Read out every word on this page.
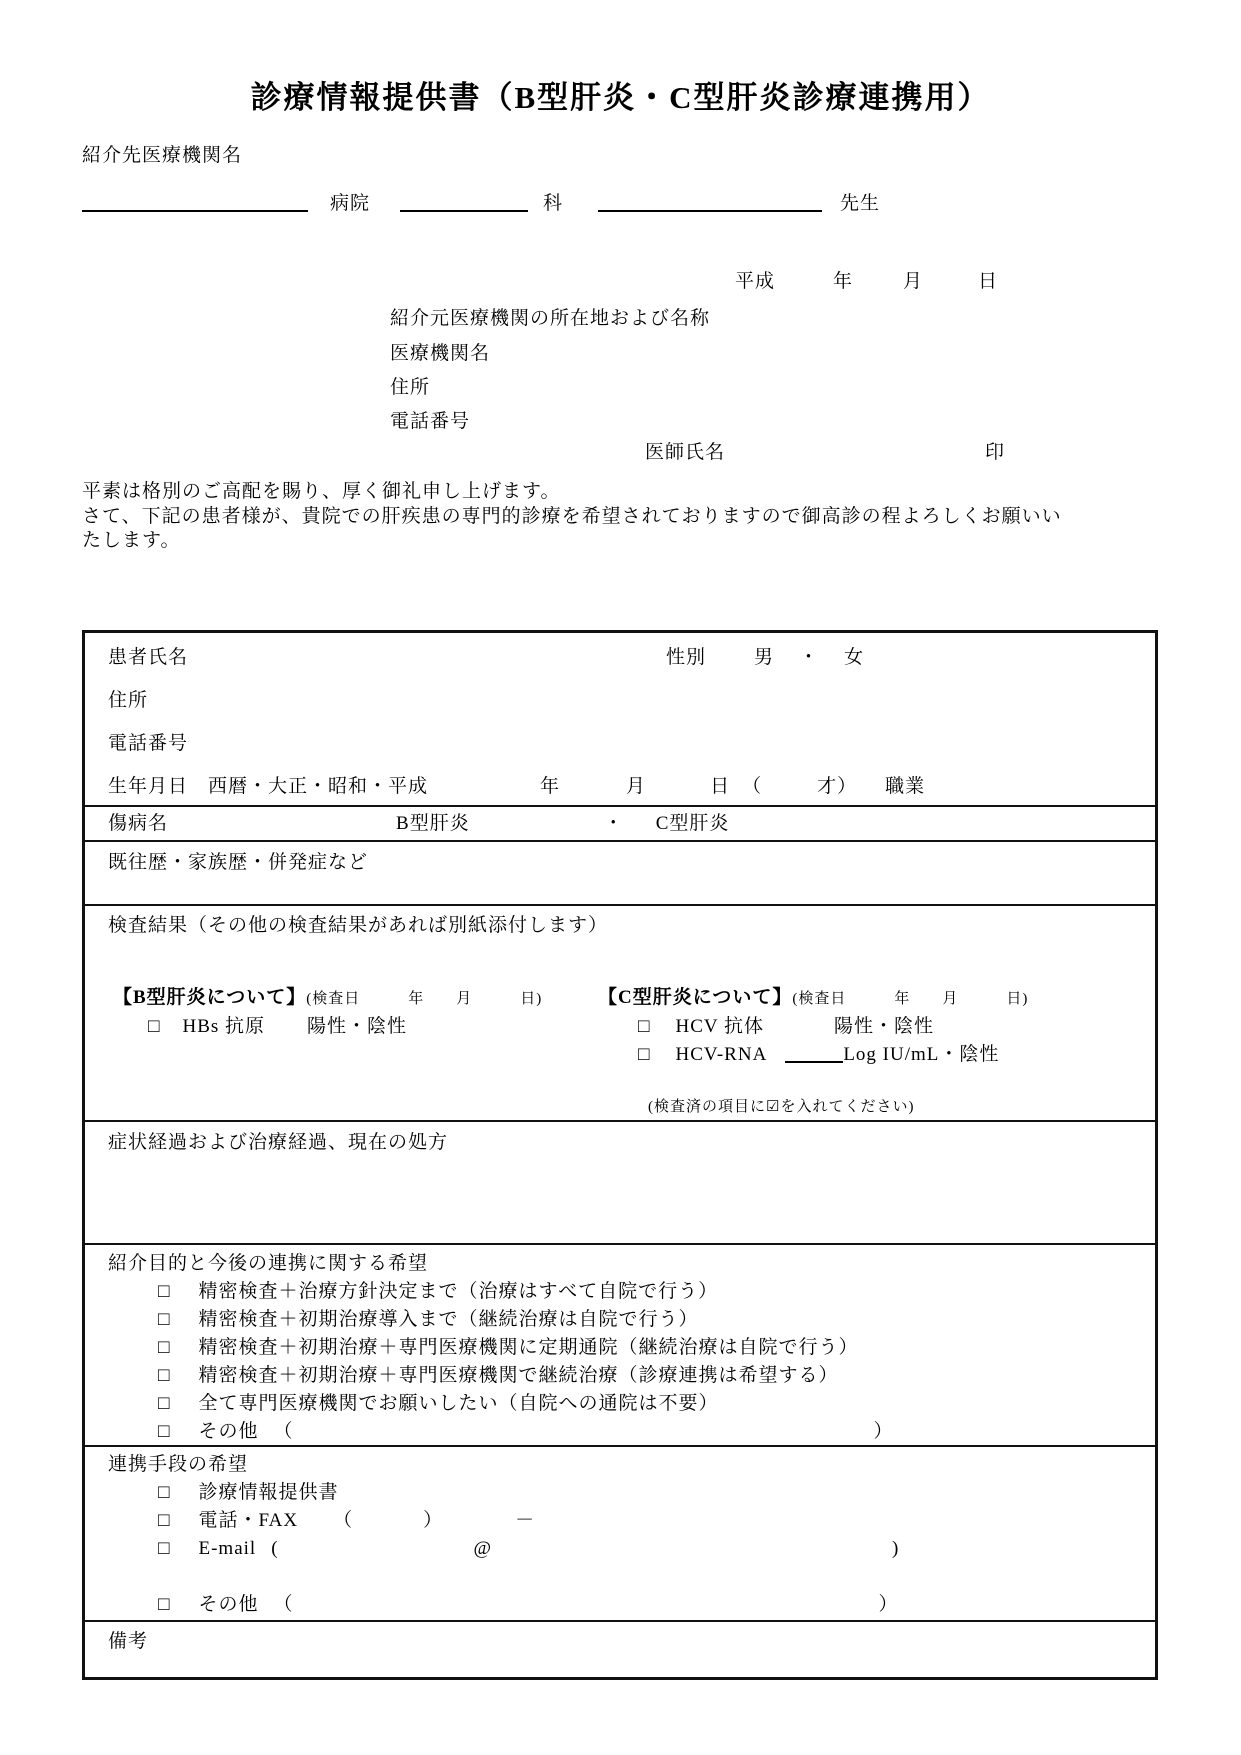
診療情報提供書（B型肝炎・C型肝炎診療連携用）
紹介先医療機関名
病院	科	先生
平成	年	月	日
紹介元医療機関の所在地および名称
医療機関名
住所
電話番号
医師氏名	印
平素は格別のご高配を賜り、厚く御礼申し上げます。
さて、下記の患者様が、貴院での肝疾患の専門的診療を希望されておりますので御高診の程よろしくお願いい
たします。
患者氏名	性別	男 ・ 女
住所
電話番号
生年月日 西暦・大正・昭和・平成	年	月	日 （	才） 職業
傷病名	B型肝炎	・ C型肝炎
既往歴・家族歴・併発症など
検査結果（その他の検査結果があれば別紙添付します）
【B型肝炎について】(検査日　　　年　　月　　　日)
□ HBs 抗原 陽性・陰性
【C型肝炎について】(検査日　　　年　　月　　　日)
□ HCV 抗体	陽性・陰性
□ HCV-RNA	Log IU/mL・陰性
(検査済の項目に☑を入れてください)
症状経過および治療経過、現在の処方
紹介目的と今後の連携に関する希望
□ 精密検査＋治療方針決定まで（治療はすべて自院で行う）
□ 精密検査＋初期治療導入まで（継続治療は自院で行う）
□ 精密検査＋初期治療＋専門医療機関に定期通院（継続治療は自院で行う）
□ 精密検査＋初期治療＋専門医療機関で継続治療（診療連携は希望する）
□ 全て専門医療機関でお願いしたい（自院への通院は不要）
□ その他 （	）
連携手段の希望
□ 診療情報提供書
□ 電話・FAX （	）	－
□ E-mail (	@	)
□ その他 （	）
備考
